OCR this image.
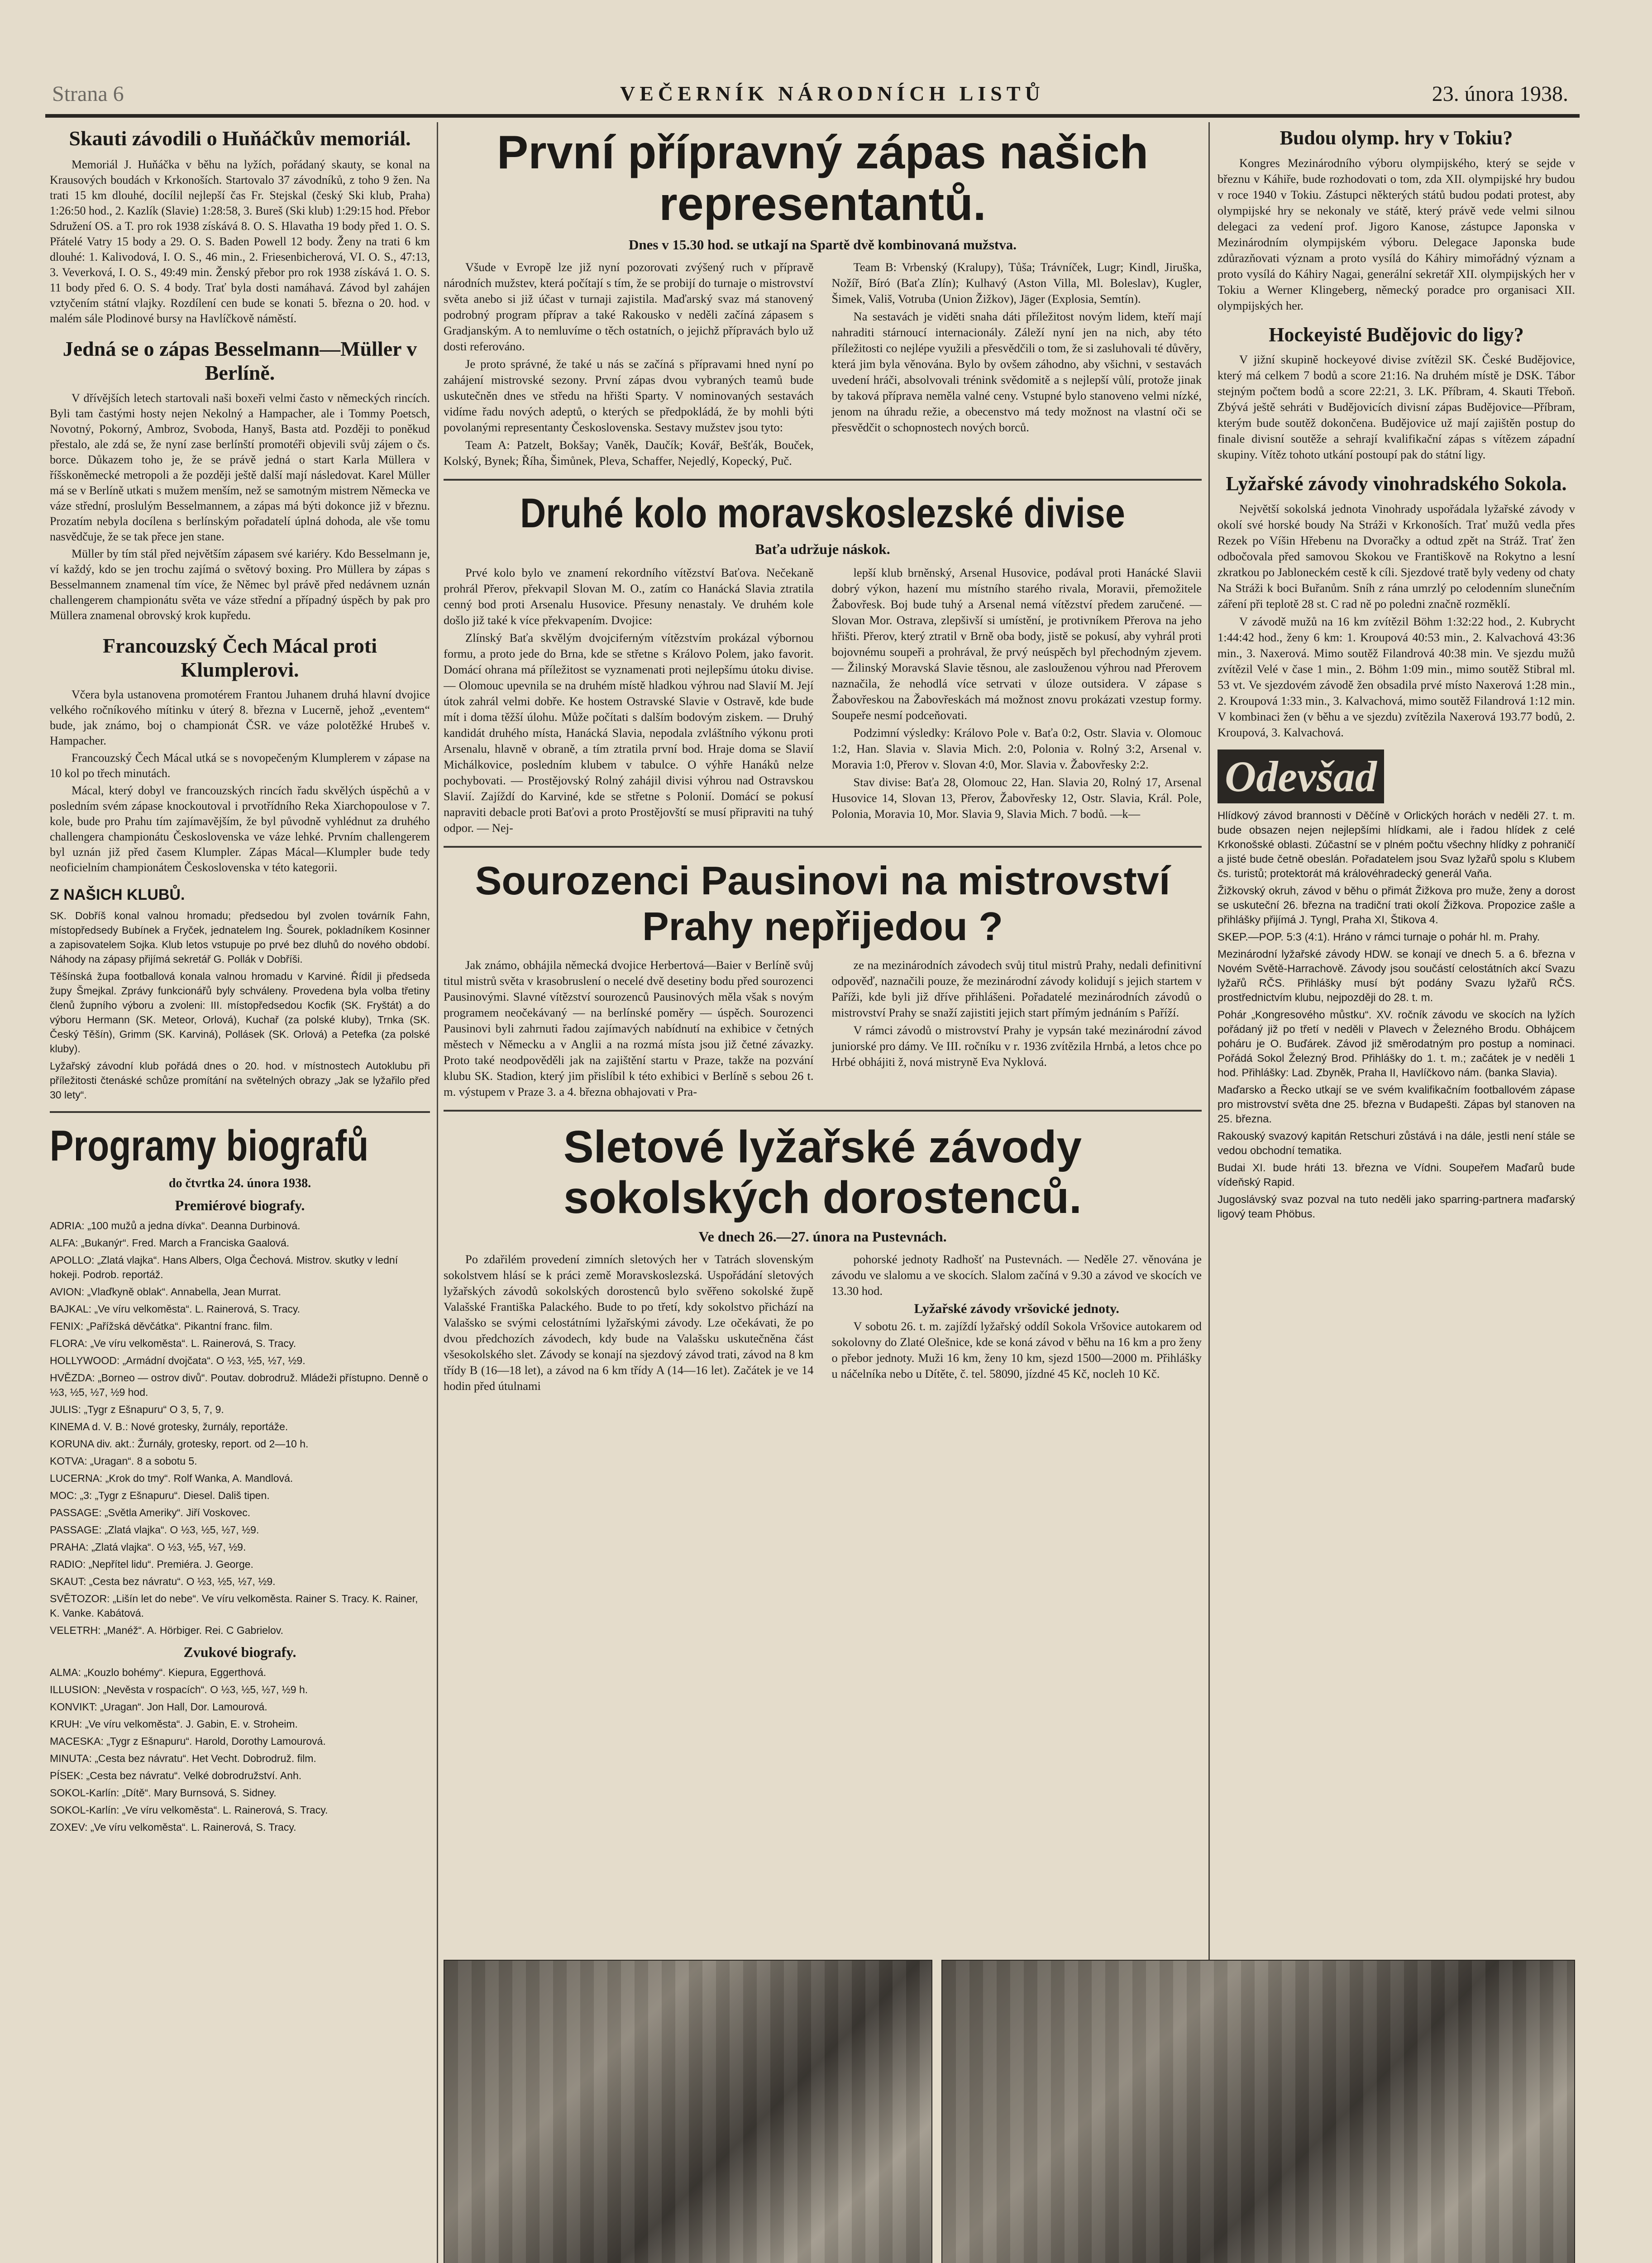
Strana 6	VEČERNÍK NÁRODNÍCH LISTŮ	23. února 1938.
Skauti závodili o Huňáčkův memoriál.
Memoriál J. Huňáčka v běhu na lyžích, pořádaný skauty, se konal na Krausových boudách v Krkonoších. Startovalo 37 závodníků, z toho 9 žen. Na trati 15 km dlouhé, docílil nejlepší čas Fr. Stejskal (český Ski klub, Praha) 1:26:50 hod., 2. Kazlík (Slavie) 1:28:58, 3. Bureš (Ski klub) 1:29:15 hod. Přebor Sdružení OS. a T. pro rok 1938 získává 8. O. S. Hlavatha 19 body před 1. O. S. Přátelé Vatry 15 body a 29. O. S. Baden Powell 12 body. Ženy na trati 6 km dlouhé: 1. Kalivodová, I. O. S., 46 min., 2. Friesenbicherová, VI. O. S., 47:13, 3. Veverková, I. O. S., 49:49 min. Ženský přebor pro rok 1938 získává 1. O. S. 11 body před 6. O. S. 4 body. Trať byla dosti namáhavá. Závod byl zahájen vztyčením státní vlajky. Rozdílení cen bude se konati 5. března o 20. hod. v malém sále Plodinové bursy na Havlíčkově náměstí.
Jedná se o zápas Besselmann—Müller v Berlíně.

V dřívějších letech startovali naši boxeři velmi často v německých rincích. Byli tam častými hosty nejen Nekolný a Hampacher, ale i Tommy Poetsch, Novotný, Pokorný, Ambroz, Svoboda, Hanyš, Basta atd. Později to poněkud přestalo, ale zdá se, že nyní zase berlínští promotéři objevili svůj zájem o čs. borce. Důkazem toho je, že se právě jedná o start Karla Müllera v říšskoněmecké metropoli a že později ještě další mají následovat. Karel Müller má se v Berlíně utkati s mužem menším, než se samotným mistrem Německa ve váze střední, proslulým Besselmannem, a zápas má býti dokonce již v březnu. Prozatím nebyla docílena s berlínským pořadatelí úplná dohoda, ale vše tomu nasvědčuje, že se tak přece jen stane.

Müller by tím stál před největším zápasem své kariéry. Kdo Besselmann je, ví každý, kdo se jen trochu zajímá o světový boxing. Pro Müllera by zápas s Besselmannem znamenal tím více, že Němec byl právě před nedávnem uznán challengerem championátu světa ve váze střední a případný úspěch by pak pro Müllera znamenal obrovský krok kupředu.

Francouzský Čech Mácal proti Klumplerovi.

Včera byla ustanovena promotérem Frantou Juhanem druhá hlavní dvojice velkého ročníkového mítinku v úterý 8. března v Lucerně, jehož „eventem“ bude, jak známo, boj o championát ČSR. ve váze polotěžké Hrubeš v. Hampacher.

Francouzský Čech Mácal utká se s novopečeným Klumplerem v zápase na 10 kol po třech minutách.

Mácal, který dobyl ve francouzských rincích řadu skvělých úspěchů a v posledním svém zápase knockoutoval i prvotřídního Reka Xiarchopoulose v 7. kole, bude pro Prahu tím zajímavějším, že byl původně vyhlédnut za druhého challengera championátu Československa ve váze lehké. Prvním challengerem byl uznán již před časem Klumpler. Zápas Mácal—Klumpler bude tedy neoficielním championátem Československa v této kategorii.

Z NAŠICH KLUBŮ.

SK. Dobříš konal valnou hromadu; předsedou byl zvolen továrník Fahn, místopředsedy Bubínek a Fryček, jednatelem Ing. Šourek, pokladníkem Kosinner a zapisovatelem Sojka. Klub letos vstupuje po prvé bez dluhů do nového období. Náhody na zápasy přijímá sekretář G. Pollák v Dobříši.

Těšínská župa footballová konala valnou hromadu v Karviné. Řídil ji předseda župy Šmejkal. Zprávy funkcionářů byly schváleny. Provedena byla volba třetiny členů župního výboru a zvoleni: III. místopředsedou Kocfik (SK. Fryštát) a do výboru Hermann (SK. Meteor, Orlová), Kuchař (za polské kluby), Trnka (SK. Český Těšín), Grimm (SK. Karviná), Pollásek (SK. Orlová) a Petefka (za polské kluby).

Lyžařský závodní klub pořádá dnes o 20. hod. v místnostech Autoklubu při příležitosti čtenáské schůze promítání na světelných obrazy „Jak se lyžařilo před 30 lety“.

Programy biografů
do čtvrtka 24. února 1938.
Premiérové biografy.

ADRIA: „100 mužů a jedna dívka“. Deanna Durbinová.

ALFA: „Bukanýr“. Fred. March a Franciska Gaalová.

APOLLO: „Zlatá vlajka“. Hans Albers, Olga Čechová. Mistrov. skutky v lední hokeji. Podrob. reportáž.

AVION: „Vlaďkyně oblak“. Annabella, Jean Murrat.

BAJKAL: „Ve víru velkoměsta“. L. Rainerová, S. Tracy.

FENIX: „Pařížská děvčátka“. Pikantní franc. film.

FLORA: „Ve víru velkoměsta“. L. Rainerová, S. Tracy.

HOLLYWOOD: „Armádní dvojčata“. O ½3, ½5, ½7, ½9.

HVĚZDA: „Borneo — ostrov divů“. Poutav. dobrodruž. Mládeži přístupno. Denně o ½3, ½5, ½7, ½9 hod.

JULIS: „Tygr z Ešnapuru“ O 3, 5, 7, 9.

KINEMA d. V. B.: Nové grotesky, žurnály, reportáže.

KORUNA div. akt.: Žurnály, grotesky, report. od 2—10 h.

KOTVA: „Uragan“. 8 a sobotu 5.

LUCERNA: „Krok do tmy“. Rolf Wanka, A. Mandlová.

MOC: „3: „Tygr z Ešnapuru“. Diesel. Dališ tipen.

PASSAGE: „Světla Ameriky“. Jiří Voskovec.

PASSAGE: „Zlatá vlajka“. O ½3, ½5, ½7, ½9.

PRAHA: „Zlatá vlajka“. O ½3, ½5, ½7, ½9.

RADIO: „Nepřítel lidu“. Premiéra. J. George.

SKAUT: „Cesta bez návratu“. O ½3, ½5, ½7, ½9.

SVĚTOZOR: „Lišín let do nebe“. Ve víru velkoměsta. Rainer S. Tracy. K. Rainer, K. Vanke. Kabátová.

VELETRH: „Manéž“. A. Hörbiger. Rei. C Gabrielov.

Zvukové biografy.

ALMA: „Kouzlo bohémy“. Kiepura, Eggerthová.

ILLUSION: „Nevěsta v rospacích“. O ½3, ½5, ½7, ½9 h.

KONVIKT: „Uragan“. Jon Hall, Dor. Lamourová.

KRUH: „Ve víru velkoměsta“. J. Gabin, E. v. Stroheim.

MACESKA: „Tygr z Ešnapuru“. Harold, Dorothy Lamourová.

MINUTA: „Cesta bez návratu“. Het Vecht. Dobrodruž. film.

PÍSEK: „Cesta bez návratu“. Velké dobrodružství. Anh.

SOKOL-Karlín: „Dítě“. Mary Burnsová, S. Sidney.

SOKOL-Karlín: „Ve víru velkoměsta“. L. Rainerová, S. Tracy.

ZOXEV: „Ve víru velkoměsta“. L. Rainerová, S. Tracy.

První přípravný zápas našich representantů.
Dnes v 15.30 hod. se utkají na Spartě dvě kombinovaná mužstva.

Všude v Evropě lze již nyní pozorovati zvýšený ruch v přípravě národních mužstev, která počítají s tím, že se probijí do turnaje o mistrovství světa anebo si již účast v turnaji zajistila. Maďarský svaz má stanovený podrobný program příprav a také Rakousko v neděli začíná zápasem s Gradjanským. A to nemluvíme o těch ostatních, o jejichž přípravách bylo už dosti referováno.

Je proto správné, že také u nás se začíná s přípravami hned nyní po zahájení mistrovské sezony. První zápas dvou vybraných teamů bude uskutečněn dnes ve středu na hřišti Sparty. V nominovaných sestavách vidíme řadu nových adeptů, o kterých se předpokládá, že by mohli býti povolanými representanty Československa. Sestavy mužstev jsou tyto:

Team A: Patzelt, Bokšay; Vaněk, Daučík; Kovář, Bešťák, Bouček, Kolský, Bynek; Říha, Šimůnek, Pleva, Schaffer, Nejedlý, Kopecký, Puč.

Team B: Vrbenský (Kralupy), Tůša; Trávníček, Lugr; Kindl, Jiruška, Nožíř, Bíró (Baťa Zlín); Kulhavý (Aston Villa, Ml. Boleslav), Kugler, Šimek, Vališ, Votruba (Union Žižkov), Jäger (Explosia, Semtín).

Na sestavách je viděti snaha dáti příležitost novým lidem, kteří mají nahraditi stárnoucí internacionály. Záleží nyní jen na nich, aby této příležitosti co nejlépe využili a přesvědčili o tom, že si zasluhovali té důvěry, která jim byla věnována. Bylo by ovšem záhodno, aby všichni, v sestavách uvedení hráči, absolvovali trénink svědomitě a s nejlepší vůlí, protože jinak by taková příprava neměla valné ceny. Vstupné bylo stanoveno velmi nízké, jenom na úhradu režie, a obecenstvo má tedy možnost na vlastní oči se přesvědčit o schopnostech nových borců.

Druhé kolo moravskoslezské divise
Baťa udržuje náskok.

Prvé kolo bylo ve znamení rekordního vítězství Baťova. Nečekaně prohrál Přerov, překvapil Slovan M. O., zatím co Hanácká Slavia ztratila cenný bod proti Arsenalu Husovice. Přesuny nenastaly. Ve druhém kole došlo již také k více překvapením. Dvojice:

Zlínský Baťa skvělým dvojciferným vítězstvím prokázal výbornou formu, a proto jede do Brna, kde se střetne s Královo Polem, jako favorit. Domácí ohrana má příležitost se vyznamenati proti nejlepšímu útoku divise. — Olomouc upevnila se na druhém místě hladkou výhrou nad Slavií M. Její útok zahrál velmi dobře. Ke hostem Ostravské Slavie v Ostravě, kde bude mít i doma těžší úlohu. Může počítati s dalším bodovým ziskem. — Druhý kandidát druhého místa, Hanácká Slavia, nepodala zvláštního výkonu proti Arsenalu, hlavně v obraně, a tím ztratila první bod. Hraje doma se Slavií Michálkovice, posledním klubem v tabulce. O výhře Hanáků nelze pochybovati. — Prostějovský Rolný zahájil divisi výhrou nad Ostravskou Slavií. Zajíždí do Karviné, kde se střetne s Polonií. Domácí se pokusí napraviti debacle proti Baťovi a proto Prostějovští se musí připraviti na tuhý odpor. — Nej-

lepší klub brněnský, Arsenal Husovice, podával proti Hanácké Slavii dobrý výkon, hazení mu místního starého rivala, Moravii, přemožitele Žabovřesk. Boj bude tuhý a Arsenal nemá vítězství předem zaručené. — Slovan Mor. Ostrava, zlepšivší si umístění, je protivníkem Přerova na jeho hřišti. Přerov, který ztratil v Brně oba body, jistě se pokusí, aby vyhrál proti bojovnému soupeři a prohrával, že prvý neúspěch byl přechodným zjevem. — Žilinský Moravská Slavie těsnou, ale zaslouženou výhrou nad Přerovem naznačila, že nehodlá více setrvati v úloze outsidera. V zápase s Žabovřeskou na Žabovřeskách má možnost znovu prokázati vzestup formy. Soupeře nesmí podceňovati.

Podzimní výsledky: Královo Pole v. Baťa 0:2, Ostr. Slavia v. Olomouc 1:2, Han. Slavia v. Slavia Mich. 2:0, Polonia v. Rolný 3:2, Arsenal v. Moravia 1:0, Přerov v. Slovan 4:0, Mor. Slavia v. Žabovřesky 2:2.

Stav divise: Baťa 28, Olomouc 22, Han. Slavia 20, Rolný 17, Arsenal Husovice 14, Slovan 13, Přerov, Žabovřesky 12, Ostr. Slavia, Král. Pole, Polonia, Moravia 10, Mor. Slavia 9, Slavia Mich. 7 bodů. —k—

Sourozenci Pausinovi na mistrovství Prahy nepřijedou ?

Jak známo, obhájila německá dvojice Herbertová—Baier v Berlíně svůj titul mistrů světa v krasobruslení o necelé dvě desetiny bodu před sourozenci Pausinovými. Slavné vítězství sourozenců Pausinových měla však s novým programem neočekávaný — na berlínské poměry — úspěch. Sourozenci Pausinovi byli zahrnuti řadou zajímavých nabídnutí na exhibice v četných městech v Německu a v Anglii a na rozmá místa jsou již četné závazky. Proto také neodpověděli jak na zajištění startu v Praze, takže na pozvání klubu SK. Stadion, který jim přislíbil k této exhibici v Berlíně s sebou 26 t. m. výstupem v Praze 3. a 4. března obhajovati v Pra-

ze na mezinárodních závodech svůj titul mistrů Prahy, nedali definitivní odpověď, naznačili pouze, že mezinárodní závody kolidují s jejich startem v Paříži, kde byli již dříve přihlášeni. Pořadatelé mezinárodních závodů o mistrovství Prahy se snaží zajistiti jejich start přímým jednáním s Paříží.

V rámci závodů o mistrovství Prahy je vypsán také mezinárodní závod juniorské pro dámy. Ve III. ročníku v r. 1936 zvítězila Hrnbá, a letos chce po Hrbé obhájiti ž, nová mistryně Eva Nyklová.

Sletové lyžařské závody sokolských dorostenců.
Ve dnech 26.—27. února na Pustevnách.

Po zdařilém provedení zimních sletových her v Tatrách slovenským sokolstvem hlásí se k práci země Moravskoslezská. Uspořádání sletových lyžařských závodů sokolských dorostenců bylo svěřeno sokolské župě Valašské Františka Palackého. Bude to po třetí, kdy sokolstvo přichází na Valašsko se svými celostátními lyžařskými závody. Lze očekávati, že po dvou předchozích závodech, kdy bude na Valašsku uskutečněna část všesokolského slet. Závody se konají na sjezdový závod trati, závod na 8 km třídy B (16—18 let), a závod na 6 km třídy A (14—16 let). Začátek je ve 14 hodin před útulnami

pohorské jednoty Radhošť na Pustevnách. — Neděle 27. věnována je závodu ve slalomu a ve skocích. Slalom začíná v 9.30 a závod ve skocích ve 13.30 hod.

Lyžařské závody vršovické jednoty.

V sobotu 26. t. m. zajíždí lyžařský oddíl Sokola Vršovice autokarem od sokolovny do Zlaté Olešnice, kde se koná závod v běhu na 16 km a pro ženy o přebor jednoty. Muži 16 km, ženy 10 km, sjezd 1500—2000 m. Přihlášky u náčelníka nebo u Dítěte, č. tel. 58090, jízdné 45 Kč, nocleh 10 Kč.

Budou olymp. hry v Tokiu?
Kongres Mezinárodního výboru olympijského, který se sejde v březnu v Káhiře, bude rozhodovati o tom, zda XII. olympijské hry budou v roce 1940 v Tokiu. Zástupci některých států budou podati protest, aby olympijské hry se nekonaly ve státě, který právě vede velmi silnou delegaci za vedení prof. Jigoro Kanose, zástupce Japonska v Mezinárodním olympijském výboru. Delegace Japonska bude zdůrazňovati význam a proto vysílá do Káhiry mimořádný význam a proto vysílá do Káhiry Nagai, generální sekretář XII. olympijských her v Tokiu a Werner Klingeberg, německý poradce pro organisaci XII. olympijských her.
Hockeyisté Budějovic do ligy?
V jižní skupině hockeyové divise zvítězil SK. České Budějovice, který má celkem 7 bodů a score 21:16. Na druhém místě je DSK. Tábor stejným počtem bodů a score 22:21, 3. LK. Příbram, 4. Skauti Třeboň. Zbývá ještě sehráti v Budějovicích divisní zápas Budějovice—Příbram, kterým bude soutěž dokončena. Budějovice už mají zajištěn postup do finale divisní soutěže a sehrají kvalifikační zápas s vítězem západní skupiny. Vítěz tohoto utkání postoupí pak do státní ligy.
Lyžařské závody vinohradského Sokola.

Největší sokolská jednota Vinohrady uspořádala lyžařské závody v okolí své horské boudy Na Stráži v Krkonoších. Trať mužů vedla přes Rezek po Víšin Hřebenu na Dvoračky a odtud zpět na Stráž. Trať žen odbočovala před samovou Skokou ve Františkově na Rokytno a lesní zkratkou po Jabloneckém cestě k cíli. Sjezdové tratě byly vedeny od chaty Na Stráži k boci Buřanům. Sníh z rána umrzlý po celodenním slunečním záření při teplotě 28 st. C rad ně po poledni značně rozměklí.

V závodě mužů na 16 km zvítězil Böhm 1:32:22 hod., 2. Kubrycht 1:44:42 hod., ženy 6 km: 1. Kroupová 40:53 min., 2. Kalvachová 43:36 min., 3. Naxerová. Mimo soutěž Filandrová 40:38 min. Ve sjezdu mužů zvítězil Velé v čase 1 min., 2. Böhm 1:09 min., mimo soutěž Stibral ml. 53 vt. Ve sjezdovém závodě žen obsadila prvé místo Naxerová 1:28 min., 2. Kroupová 1:33 min., 3. Kalvachová, mimo soutěž Filandrová 1:12 min. V kombinaci žen (v běhu a ve sjezdu) zvítězila Naxerová 193.77 bodů, 2. Kroupová, 3. Kalvachová.

Odevšad

Hlídkový závod brannosti v Děčíně v Orlických horách v neděli 27. t. m. bude obsazen nejen nejlepšími hlídkami, ale i řadou hlídek z celé Krkonošské oblasti. Zúčastní se v plném počtu všechny hlídky z pohraničí a jisté bude četně obeslán. Pořadatelem jsou Svaz lyžařů spolu s Klubem čs. turistů; protektorát má královéhradecký generál Vaňa.

Žižkovský okruh, závod v běhu o přimát Žižkova pro muže, ženy a dorost se uskuteční 26. března na tradiční trati okolí Žižkova. Propozice zašle a přihlášky přijímá J. Tyngl, Praha XI, Štikova 4.

SKEP.—POP. 5:3 (4:1). Hráno v rámci turnaje o pohár hl. m. Prahy.

Mezinárodní lyžařské závody HDW. se konají ve dnech 5. a 6. března v Novém Světě-Harrachově. Závody jsou součástí celostátních akcí Svazu lyžařů RČS. Přihlášky musí být podány Svazu lyžařů RČS. prostřednictvím klubu, nejpozději do 28. t. m.

Pohár „Kongresového můstku“. XV. ročník závodu ve skocích na lyžích pořádaný již po třetí v neděli v Plavech v Železného Brodu. Obhájcem poháru je O. Buďárek. Závod již směrodatným pro postup a nominaci. Pořádá Sokol Železný Brod. Přihlášky do 1. t. m.; začátek je v neděli 1 hod. Přihlášky: Lad. Zbyněk, Praha II, Havlíčkovo nám. (banka Slavia).

Maďarsko a Řecko utkají se ve svém kvalifikačním footballovém zápase pro mistrovství světa dne 25. března v Budapešti. Zápas byl stanoven na 25. března.

Rakouský svazový kapitán Retschuri zůstává i na dále, jestli není stále se vedou obchodní tematika.

Budai XI. bude hráti 13. března ve Vídni. Soupeřem Maďarů bude vídeňský Rapid.

Jugoslávský svaz pozval na tuto neděli jako sparring-partnera maďarský ligový team Phöbus.
